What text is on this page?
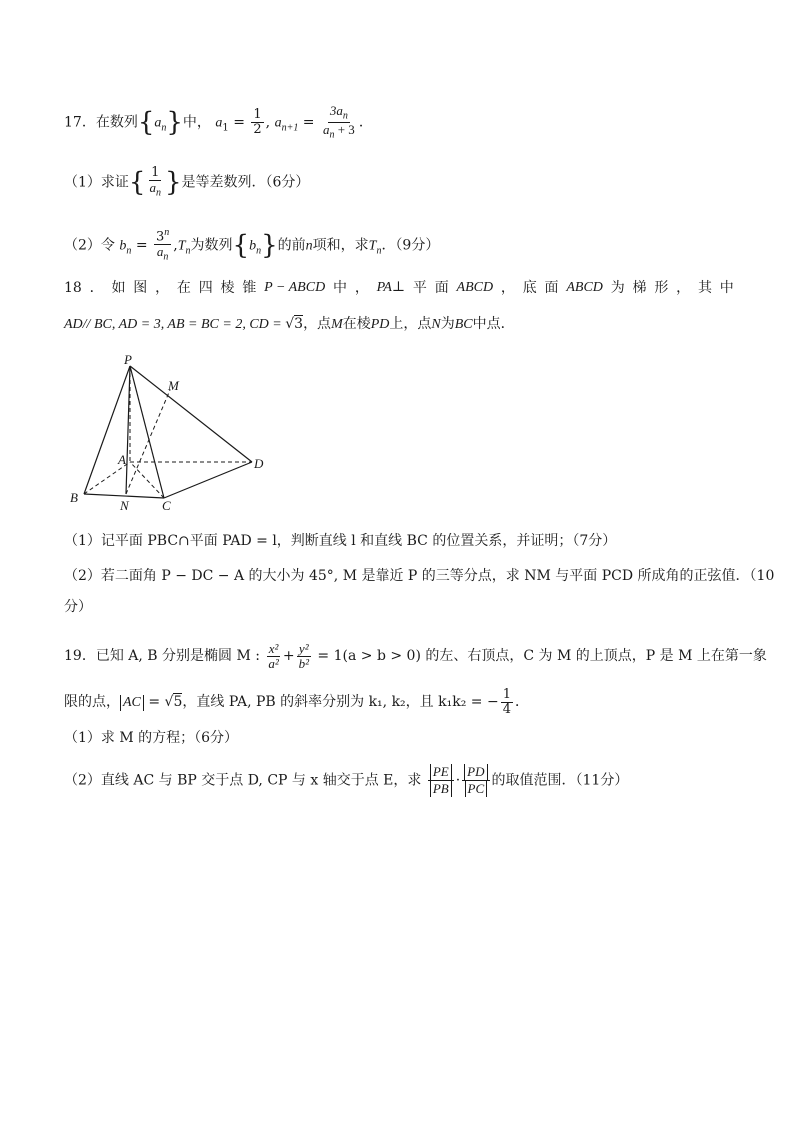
17．在数列$\{a_n\}$中， $a_1 = \frac{1}{2}$ , $a_{n+1} = \frac{3a_n}{a_n + 3}$ ．
（1）求证{ $\frac{1}{a_n}$ }是等差数列．（6分）
（2）令 $b_n = \frac{3^n}{a_n} ,T_n$为数列$\{b_n\}$的前n项和，求$T_n$．（9分）
18 ． 如 图 ， 在 四 棱 锥 P − ABCD 中 ， PA⊥ 平 面 ABCD ， 底 面 ABCD 为 梯 形 ， 其 中
AD// BC, AD = 3, AB = BC = 2, CD = √3，点M在棱PD上，点N为BC中点．
P
M
A	D
B
N	C
（1）记平面 PBC∩平面 PAD = l，判断直线 l 和直线 BC 的位置关系，并证明；（7分）
（2）若二面角 P − DC − A 的大小为 45°, M 是靠近 P 的三等分点，求 NM 与平面 PCD 所成角的正弦值．（10
分）
19．已知 A, B 分别是椭圆 M : $\frac{\text{x²}}{\text{a²}} + \frac{\text{y²}}{\text{b²}} = 1(a > b > 0)$ 的左、右顶点，C 为 M 的上顶点，P 是 M 上在第一象
限的点， AC = √5，直线 PA, PB 的斜率分别为 k₁, k₂，且 k₁k₂ = − $\frac{1}{4}$ ．
（1）求 M 的方程；（6分）
（2）直线 AC 与 BP 交于点 D, CP 与 x 轴交于点 E，求 $\frac{PE}{PB} \cdot \frac{PD}{PC}$ 的取值范围．（11分）
